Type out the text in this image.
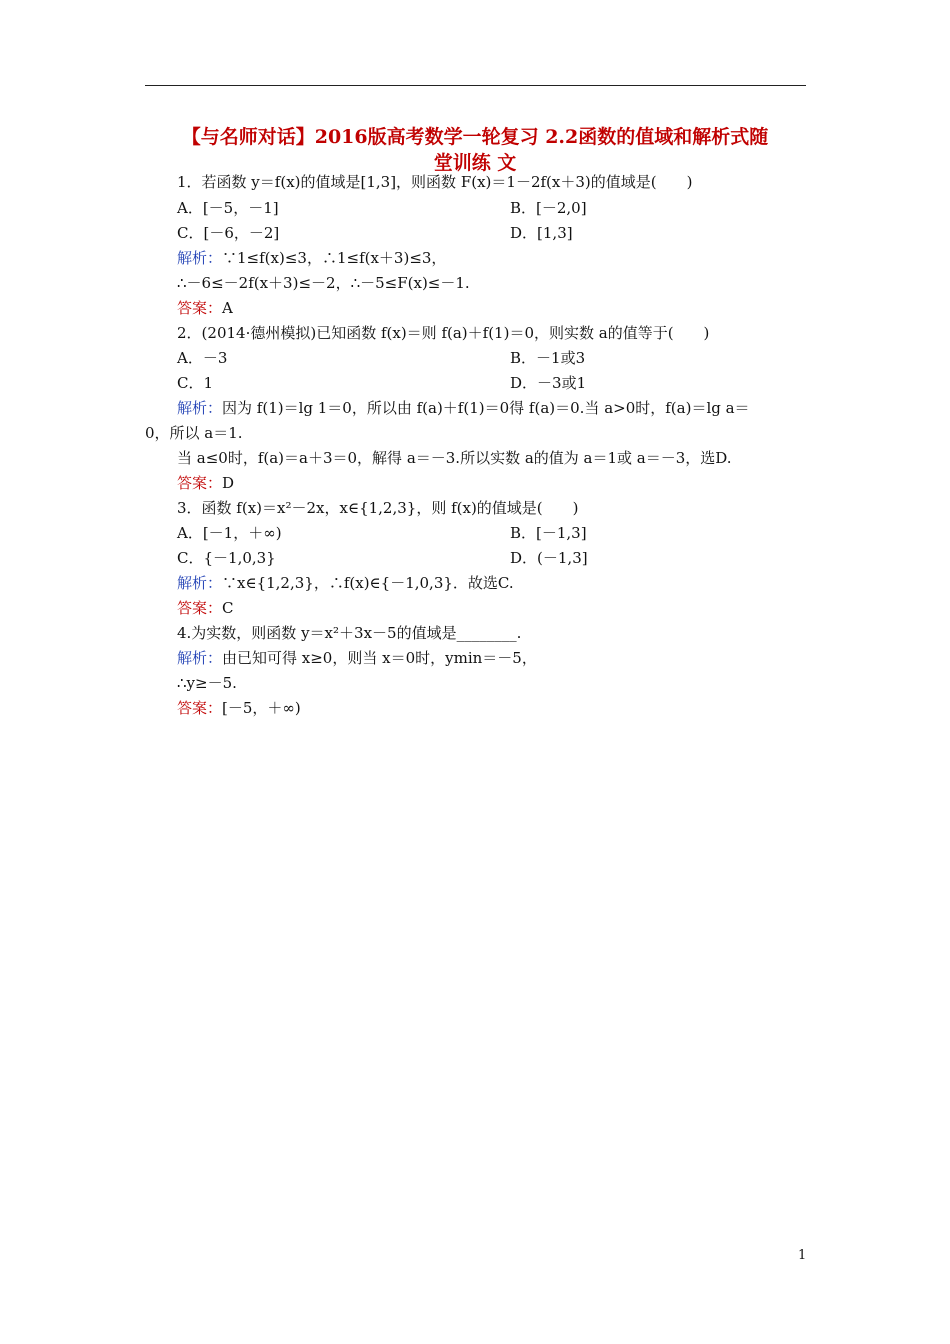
【与名师对话】2016版高考数学一轮复习 2.2函数的值域和解析式随
堂训练 文
1．若函数 y＝f(x)的值域是[1,3]，则函数 F(x)＝1－2f(x＋3)的值域是(　　)
A．[－5，－1]	B．[－2,0]
C．[－6，－2]	D．[1,3]
解析：∵1≤f(x)≤3，∴1≤f(x＋3)≤3，
∴－6≤－2f(x＋3)≤－2，∴－5≤F(x)≤－1.
答案：A
2．(2014·德州模拟)已知函数 f(x)＝则 f(a)＋f(1)＝0，则实数 a的值等于(　　)
A．－3	B．－1或3
C．1	D．－3或1
解析：因为 f(1)＝lg 1＝0，所以由 f(a)＋f(1)＝0得 f(a)＝0.当 a>0时，f(a)＝lg a＝
0，所以 a＝1.
当 a≤0时，f(a)＝a＋3＝0，解得 a＝－3.所以实数 a的值为 a＝1或 a＝－3，选D.
答案：D
3．函数 f(x)＝x²－2x，x∈{1,2,3}，则 f(x)的值域是(　　)
A．[－1，＋∞)	B．[－1,3]
C．{－1,0,3}	D．(－1,3]
解析：∵x∈{1,2,3}，∴f(x)∈{－1,0,3}．故选C.
答案：C
4.为实数，则函数 y＝x²＋3x－5的值域是________.
解析：由已知可得 x≥0，则当 x＝0时，ymin＝－5，
∴y≥－5.
答案：[－5，＋∞)
1
